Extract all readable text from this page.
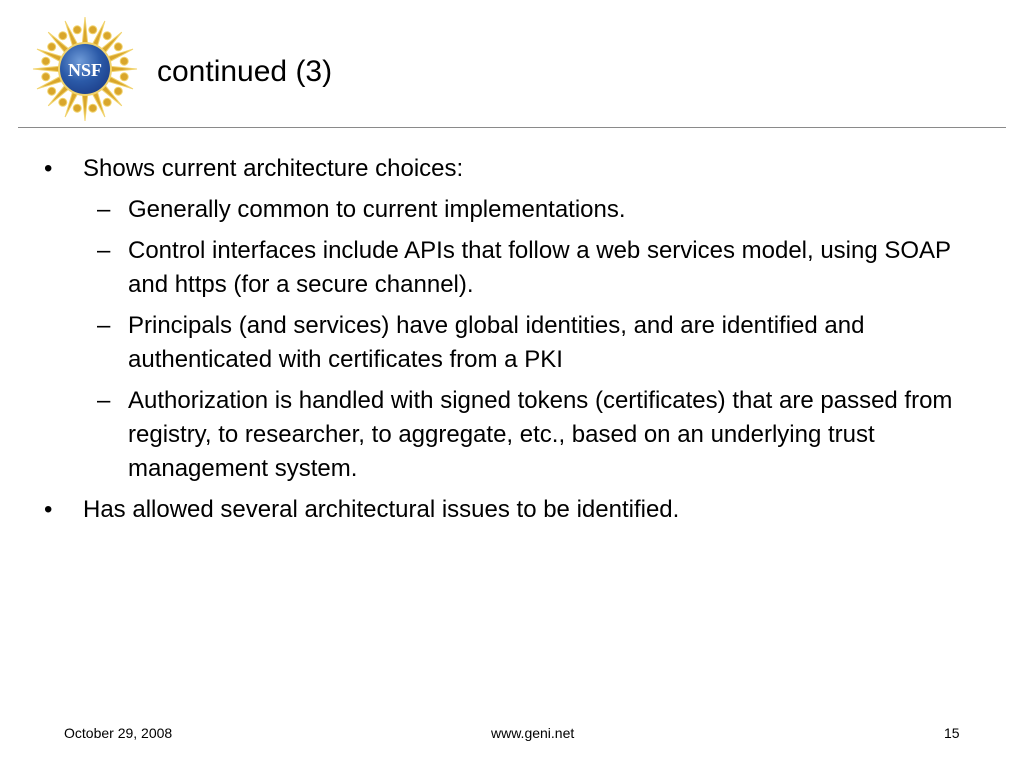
NSF continued (3)
• Shows current architecture choices:
– Generally common to current implementations.
– Control interfaces include APIs that follow a web services model, using SOAP and https (for a secure channel).
– Principals (and services) have global identities, and are identified and authenticated with certificates from a PKI
– Authorization is handled with signed tokens (certificates) that are passed from registry, to researcher, to aggregate, etc., based on an underlying trust management system.
• Has allowed several architectural issues to be identified.
October 29, 2008	www.geni.net	15
